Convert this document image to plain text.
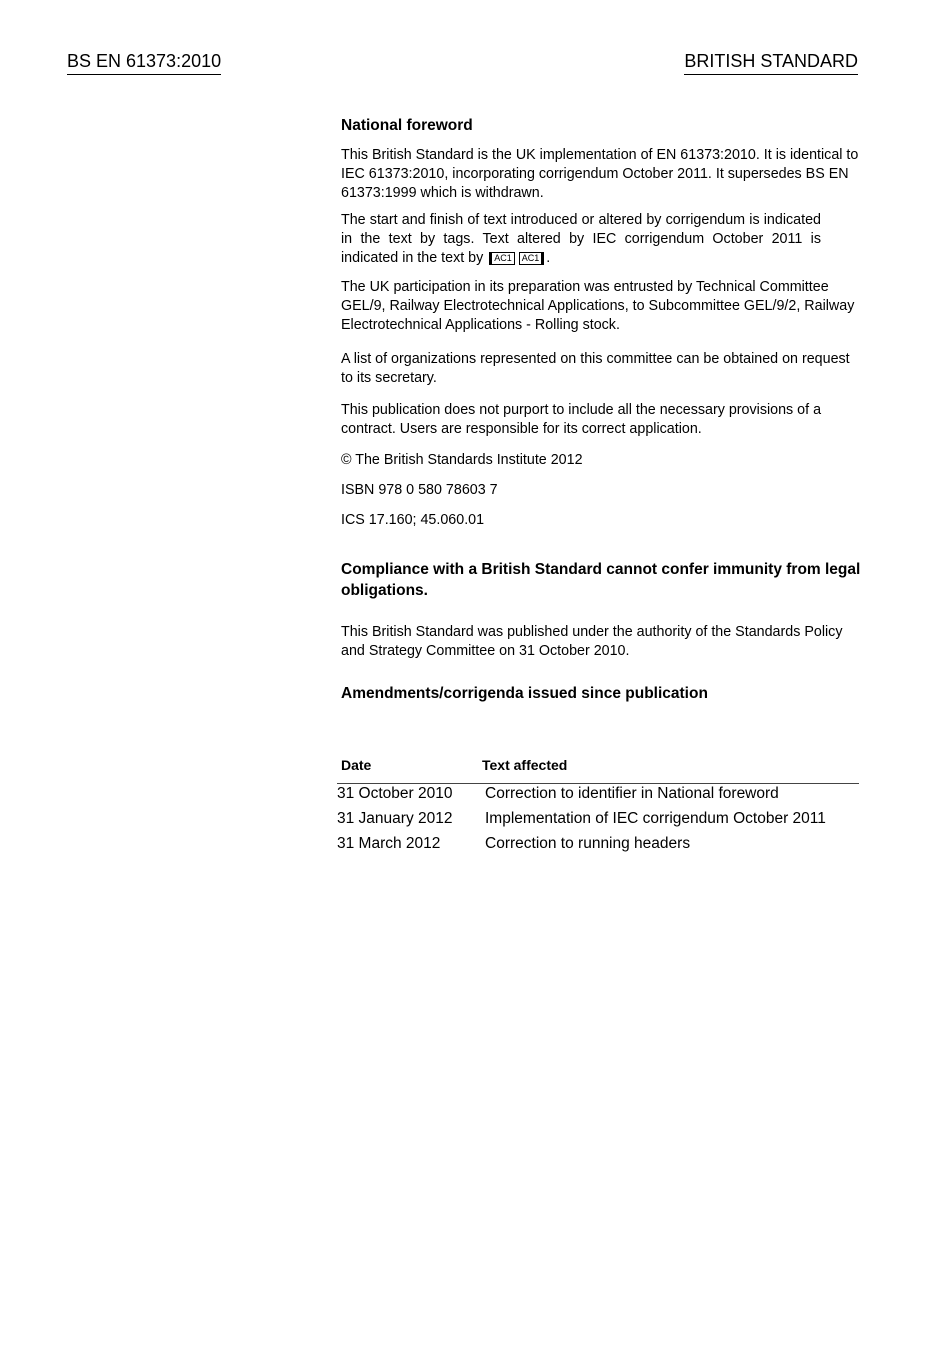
BS EN 61373:2010	BRITISH STANDARD
National foreword

This British Standard is the UK implementation of EN 61373:2010. It is identical to IEC 61373:2010, incorporating corrigendum October 2011. It supersedes BS EN 61373:1999 which is withdrawn.

The start and finish of text introduced or altered by corrigendum is indicated in the text by tags. Text altered by IEC corrigendum October 2011 is indicated in the text by AC1 AC1 .

The UK participation in its preparation was entrusted by Technical Committee GEL/9, Railway Electrotechnical Applications, to Subcommittee GEL/9/2, Railway Electrotechnical Applications - Rolling stock.

A list of organizations represented on this committee can be obtained on request to its secretary.

This publication does not purport to include all the necessary provisions of a contract. Users are responsible for its correct application.

© The British Standards Institute 2012

ISBN 978 0 580 78603 7

ICS 17.160; 45.060.01

Compliance with a British Standard cannot confer immunity from legal obligations.

This British Standard was published under the authority of the Standards Policy and Strategy Committee on 31 October 2010.

Amendments/corrigenda issued since publication
Date	Text affected
31 October 2010 Correction to identifier in National foreword
31 January 2012 Implementation of IEC corrigendum October 2011
31 March 2012	Correction to running headers
